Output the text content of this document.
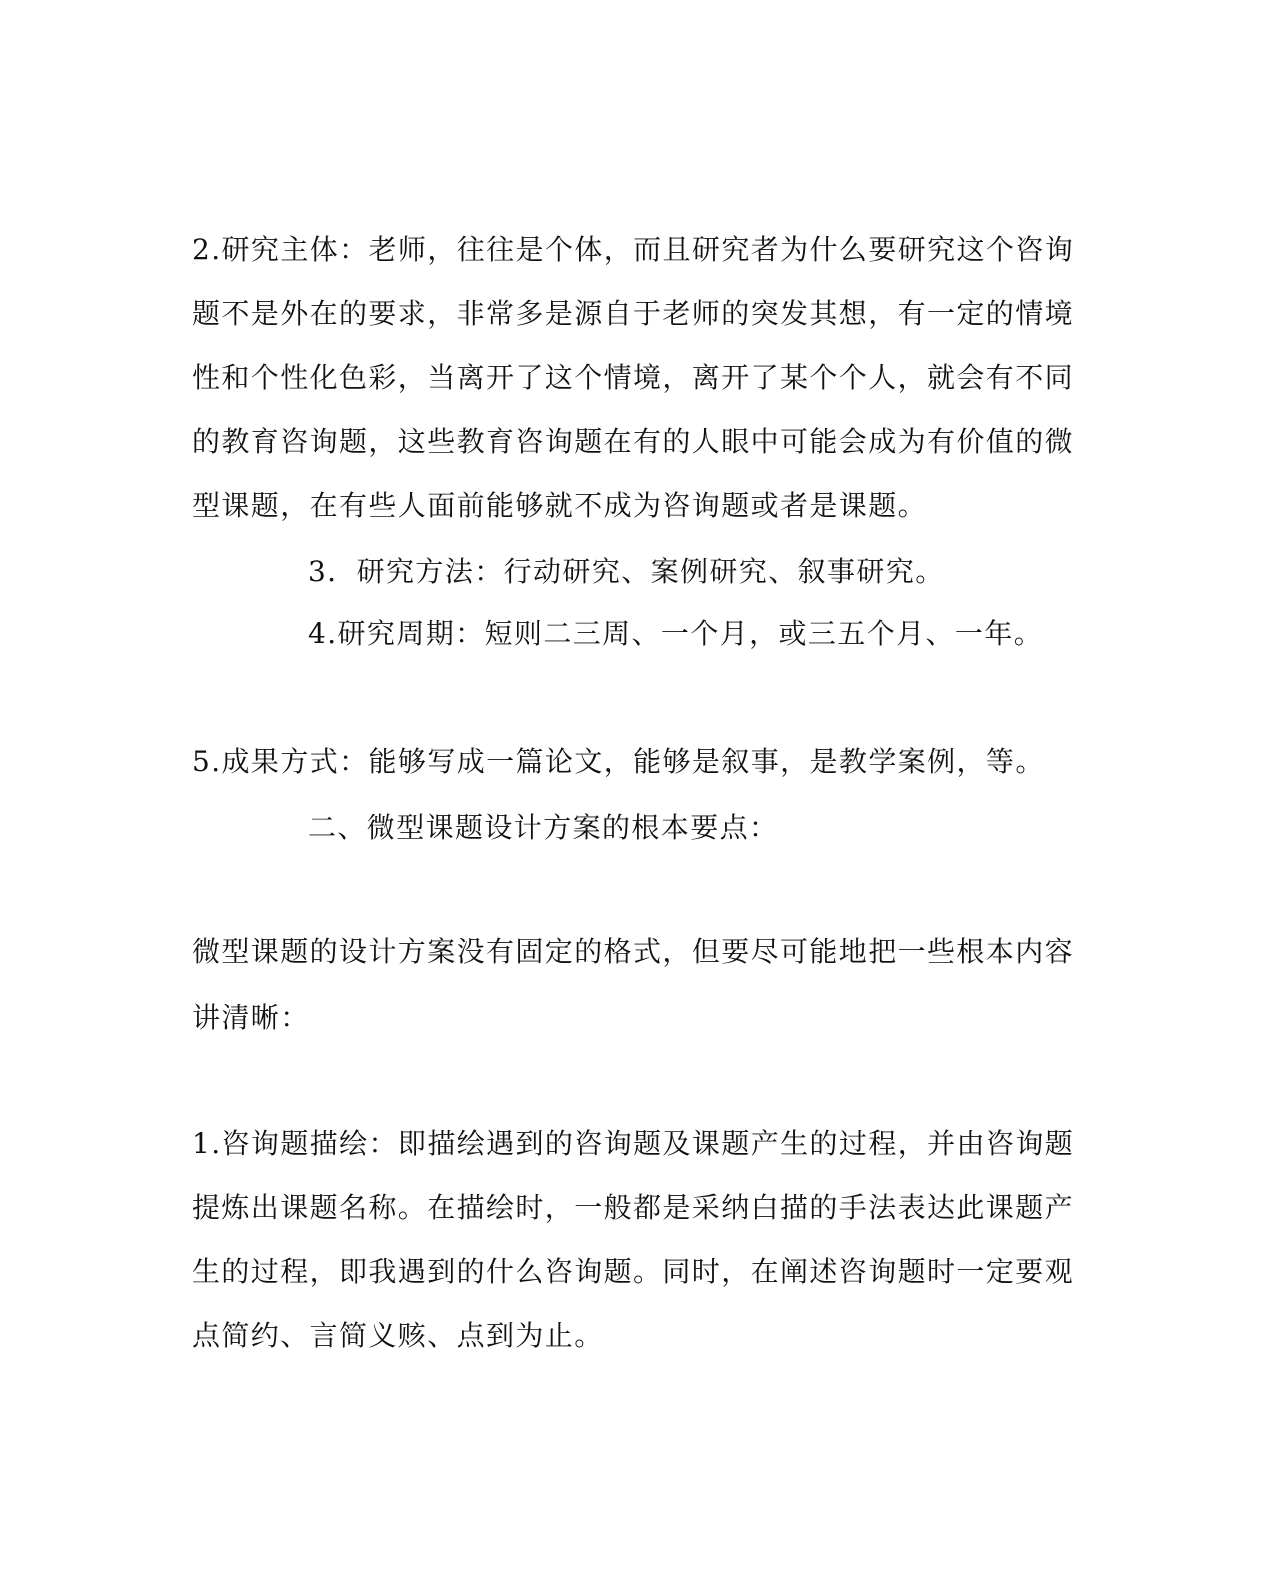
2.研究主体：老师，往往是个体，而且研究者为什么要研究这个咨询
题不是外在的要求，非常多是源自于老师的突发其想，有一定的情境
性和个性化色彩，当离开了这个情境，离开了某个个人，就会有不同
的教育咨询题，这些教育咨询题在有的人眼中可能会成为有价值的微
型课题，在有些人面前能够就不成为咨询题或者是课题。
3．研究方法：行动研究、案例研究、叙事研究。
4.研究周期：短则二三周、一个月，或三五个月、一年。
5.成果方式：能够写成一篇论文，能够是叙事，是教学案例，等。
二、微型课题设计方案的根本要点：
微型课题的设计方案没有固定的格式，但要尽可能地把一些根本内容
讲清晰：
1.咨询题描绘：即描绘遇到的咨询题及课题产生的过程，并由咨询题
提炼出课题名称。在描绘时，一般都是采纳白描的手法表达此课题产
生的过程，即我遇到的什么咨询题。同时，在阐述咨询题时一定要观
点简约、言简义赅、点到为止。
